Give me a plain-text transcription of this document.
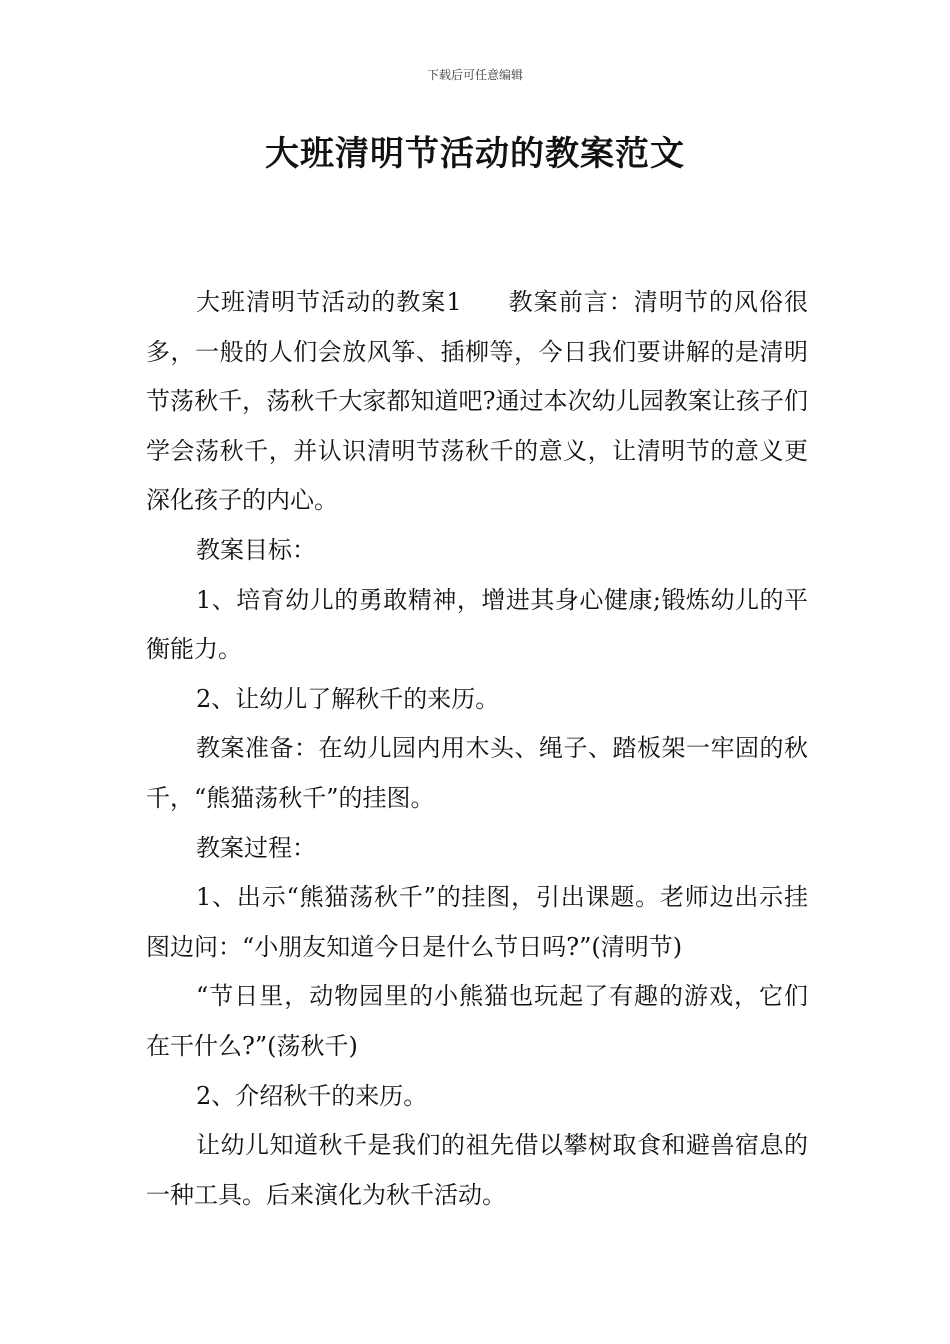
下载后可任意编辑
大班清明节活动的教案范文

大班清明节活动的教案1 教案前言：清明节的风俗很多，一般的人们会放风筝、插柳等，今日我们要讲解的是清明节荡秋千，荡秋千大家都知道吧?通过本次幼儿园教案让孩子们学会荡秋千，并认识清明节荡秋千的意义，让清明节的意义更深化孩子的内心。

教案目标：

1、培育幼儿的勇敢精神，增进其身心健康;锻炼幼儿的平衡能力。

2、让幼儿了解秋千的来历。

教案准备：在幼儿园内用木头、绳子、踏板架一牢固的秋千，“熊猫荡秋千”的挂图。

教案过程：

1、出示“熊猫荡秋千”的挂图，引出课题。老师边出示挂图边问：“小朋友知道今日是什么节日吗?”(清明节)

“节日里，动物园里的小熊猫也玩起了有趣的游戏，它们在干什么?”(荡秋千)

2、介绍秋千的来历。

让幼儿知道秋千是我们的祖先借以攀树取食和避兽宿息的一种工具。后来演化为秋千活动。
